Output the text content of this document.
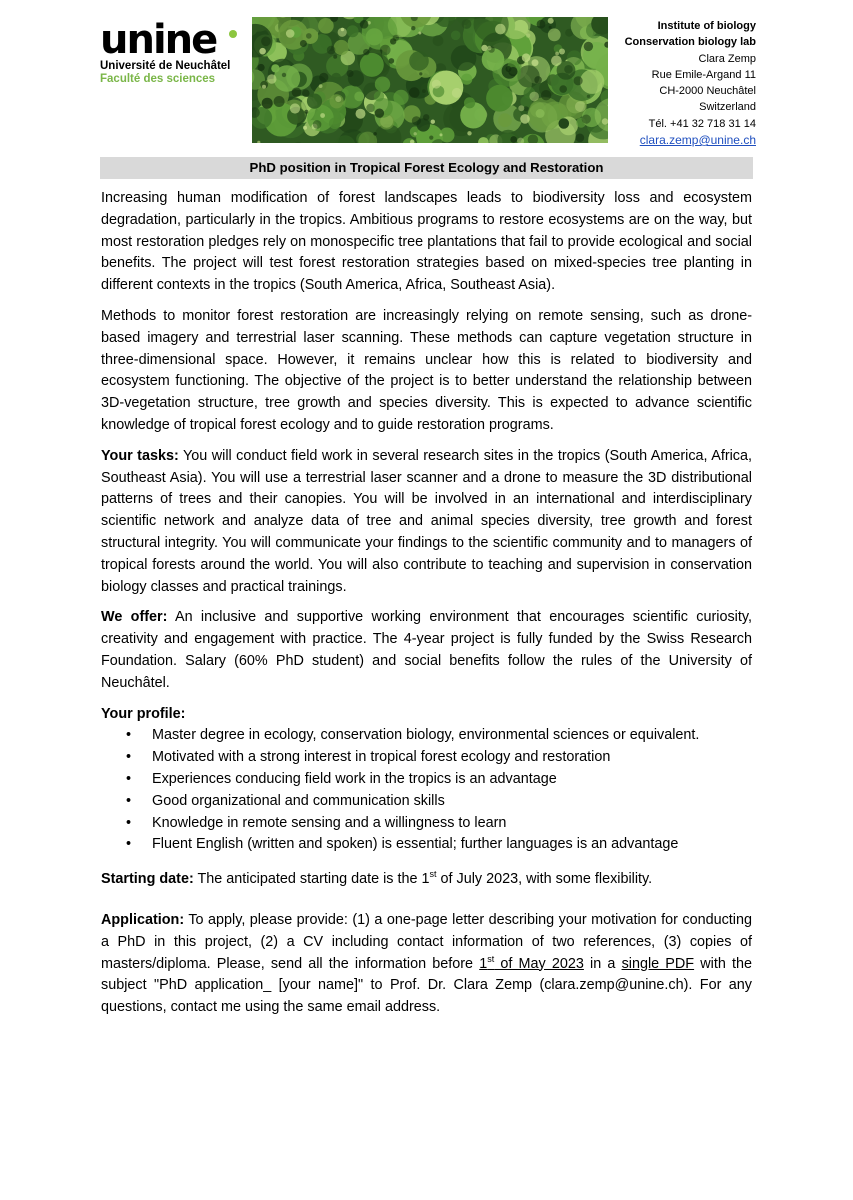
unine
Université de Neuchâtel
Faculté des sciences
Institute of biology
Conservation biology lab
Clara Zemp
Rue Emile-Argand 11
CH-2000 Neuchâtel
Switzerland
Tél. +41 32 718 31 14
clara.zemp@unine.ch
PhD position in Tropical Forest Ecology and Restoration

Increasing human modification of forest landscapes leads to biodiversity loss and ecosystem degradation, particularly in the tropics. Ambitious programs to restore ecosystems are on the way, but most restoration pledges rely on monospecific tree plantations that fail to provide ecological and social benefits. The project will test forest restoration strategies based on mixed-species tree planting in different contexts in the tropics (South America, Africa, Southeast Asia).

Methods to monitor forest restoration are increasingly relying on remote sensing, such as drone-based imagery and terrestrial laser scanning. These methods can capture vegetation structure in three-dimensional space. However, it remains unclear how this is related to biodiversity and ecosystem functioning. The objective of the project is to better understand the relationship between 3D-vegetation structure, tree growth and species diversity. This is expected to advance scientific knowledge of tropical forest ecology and to guide restoration programs.

Your tasks: You will conduct field work in several research sites in the tropics (South America, Africa, Southeast Asia). You will use a terrestrial laser scanner and a drone to measure the 3D distributional patterns of trees and their canopies. You will be involved in an international and interdisciplinary scientific network and analyze data of tree and animal species diversity, tree growth and forest structural integrity. You will communicate your findings to the scientific community and to managers of tropical forests around the world. You will also contribute to teaching and supervision in conservation biology classes and practical trainings.

We offer: An inclusive and supportive working environment that encourages scientific curiosity, creativity and engagement with practice. The 4-year project is fully funded by the Swiss Research Foundation. Salary (60% PhD student) and social benefits follow the rules of the University of Neuchâtel.

Your profile:
• Master degree in ecology, conservation biology, environmental sciences or equivalent.
• Motivated with a strong interest in tropical forest ecology and restoration
• Experiences conducing field work in the tropics is an advantage
• Good organizational and communication skills
• Knowledge in remote sensing and a willingness to learn
• Fluent English (written and spoken) is essential; further languages is an advantage

Starting date: The anticipated starting date is the 1st of July 2023, with some flexibility.

Application: To apply, please provide: (1) a one-page letter describing your motivation for conducting a PhD in this project, (2) a CV including contact information of two references, (3) copies of masters/diploma. Please, send all the information before 1st of May 2023 in a single PDF with the subject "PhD application_ [your name]" to Prof. Dr. Clara Zemp (clara.zemp@unine.ch). For any questions, contact me using the same email address.
